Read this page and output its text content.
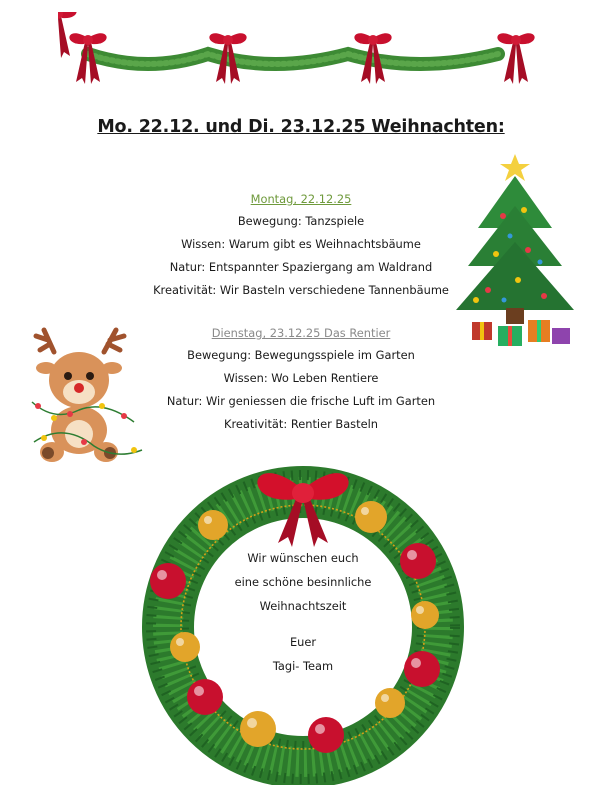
Mo. 22.12. und Di. 23.12.25 Weihnachten:
Montag, 22.12.25
Bewegung: Tanzspiele
Wissen: Warum gibt es Weihnachtsbäume
Natur: Entspannter Spaziergang am Waldrand
Kreativität: Wir Basteln verschiedene Tannenbäume
Dienstag, 23.12.25 Das Rentier
Bewegung: Bewegungsspiele im Garten
Wissen: Wo Leben Rentiere
Natur: Wir geniessen die frische Luft im Garten
Kreativität: Rentier Basteln
Wir wünschen euch
eine schöne besinnliche
Weihnachtszeit
Euer
Tagi- Team
